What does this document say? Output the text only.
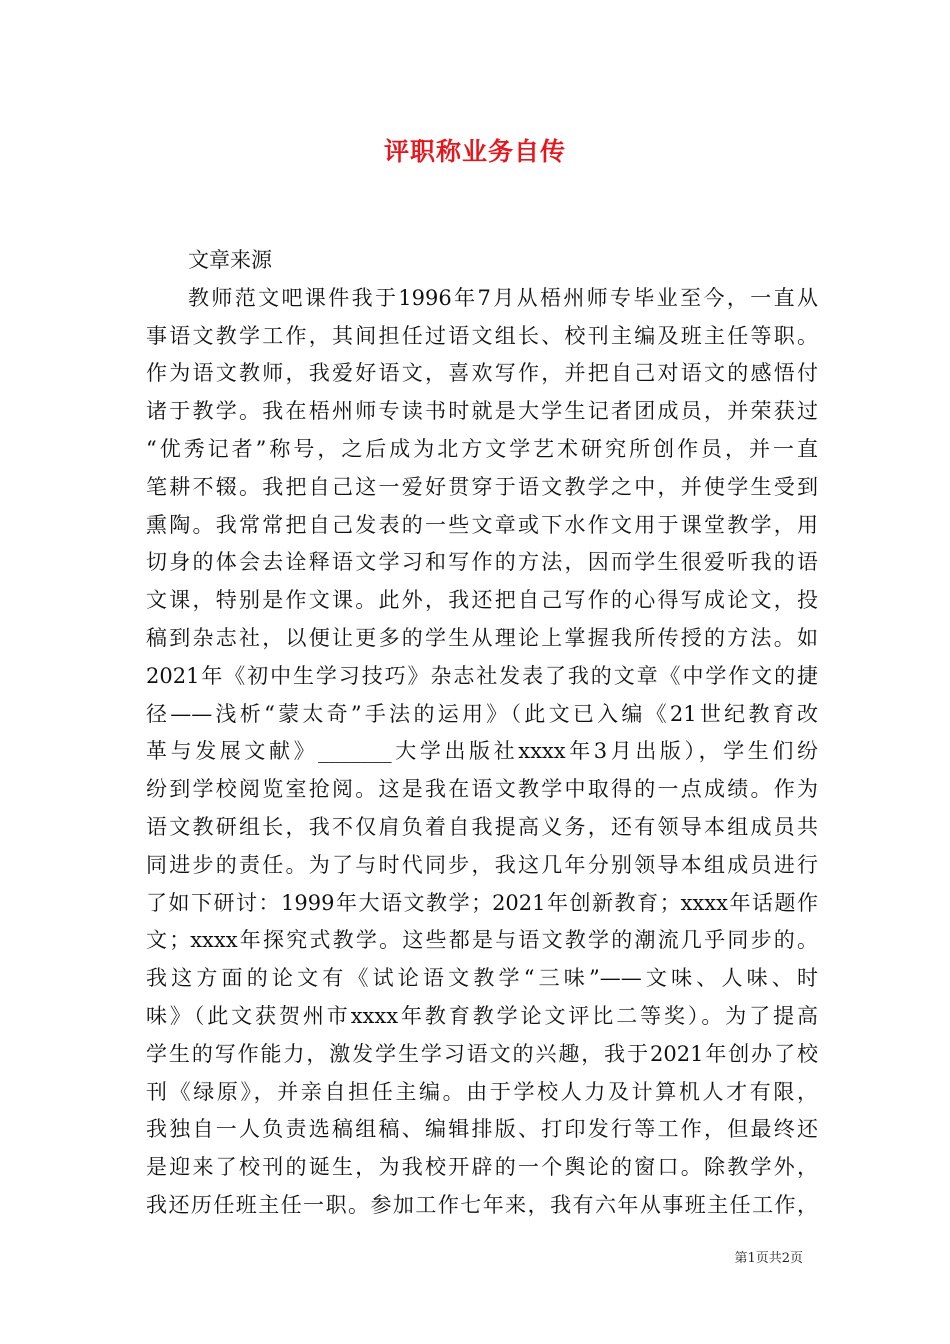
评职称业务自传
文章来源
教师范文吧课件我于1996年7月从梧州师专毕业至今，一直从
事语文教学工作，其间担任过语文组长、校刊主编及班主任等职。
作为语文教师，我爱好语文，喜欢写作，并把自己对语文的感悟付
诸于教学。我在梧州师专读书时就是大学生记者团成员，并荣获过
“优秀记者”称号，之后成为北方文学艺术研究所创作员，并一直
笔耕不辍。我把自己这一爱好贯穿于语文教学之中，并使学生受到
熏陶。我常常把自己发表的一些文章或下水作文用于课堂教学，用
切身的体会去诠释语文学习和写作的方法，因而学生很爱听我的语
文课，特别是作文课。此外，我还把自己写作的心得写成论文，投
稿到杂志社，以便让更多的学生从理论上掌握我所传授的方法。如
2021年《初中生学习技巧》杂志社发表了我的文章《中学作文的捷
径——浅析“蒙太奇”手法的运用》（此文已入编《21世纪教育改
革与发展文献》_______大学出版社xxxx年3月出版），学生们纷
纷到学校阅览室抢阅。这是我在语文教学中取得的一点成绩。作为
语文教研组长，我不仅肩负着自我提高义务，还有领导本组成员共
同进步的责任。为了与时代同步，我这几年分别领导本组成员进行
了如下研讨：1999年大语文教学；2021年创新教育；xxxx年话题作
文；xxxx年探究式教学。这些都是与语文教学的潮流几乎同步的。
我这方面的论文有《试论语文教学“三味”——文味、人味、时
味》（此文获贺州市xxxx年教育教学论文评比二等奖）。为了提高
学生的写作能力，激发学生学习语文的兴趣，我于2021年创办了校
刊《绿原》，并亲自担任主编。由于学校人力及计算机人才有限，
我独自一人负责选稿组稿、编辑排版、打印发行等工作，但最终还
是迎来了校刊的诞生，为我校开辟的一个舆论的窗口。除教学外，
我还历任班主任一职。参加工作七年来，我有六年从事班主任工作，
第1页共2页
